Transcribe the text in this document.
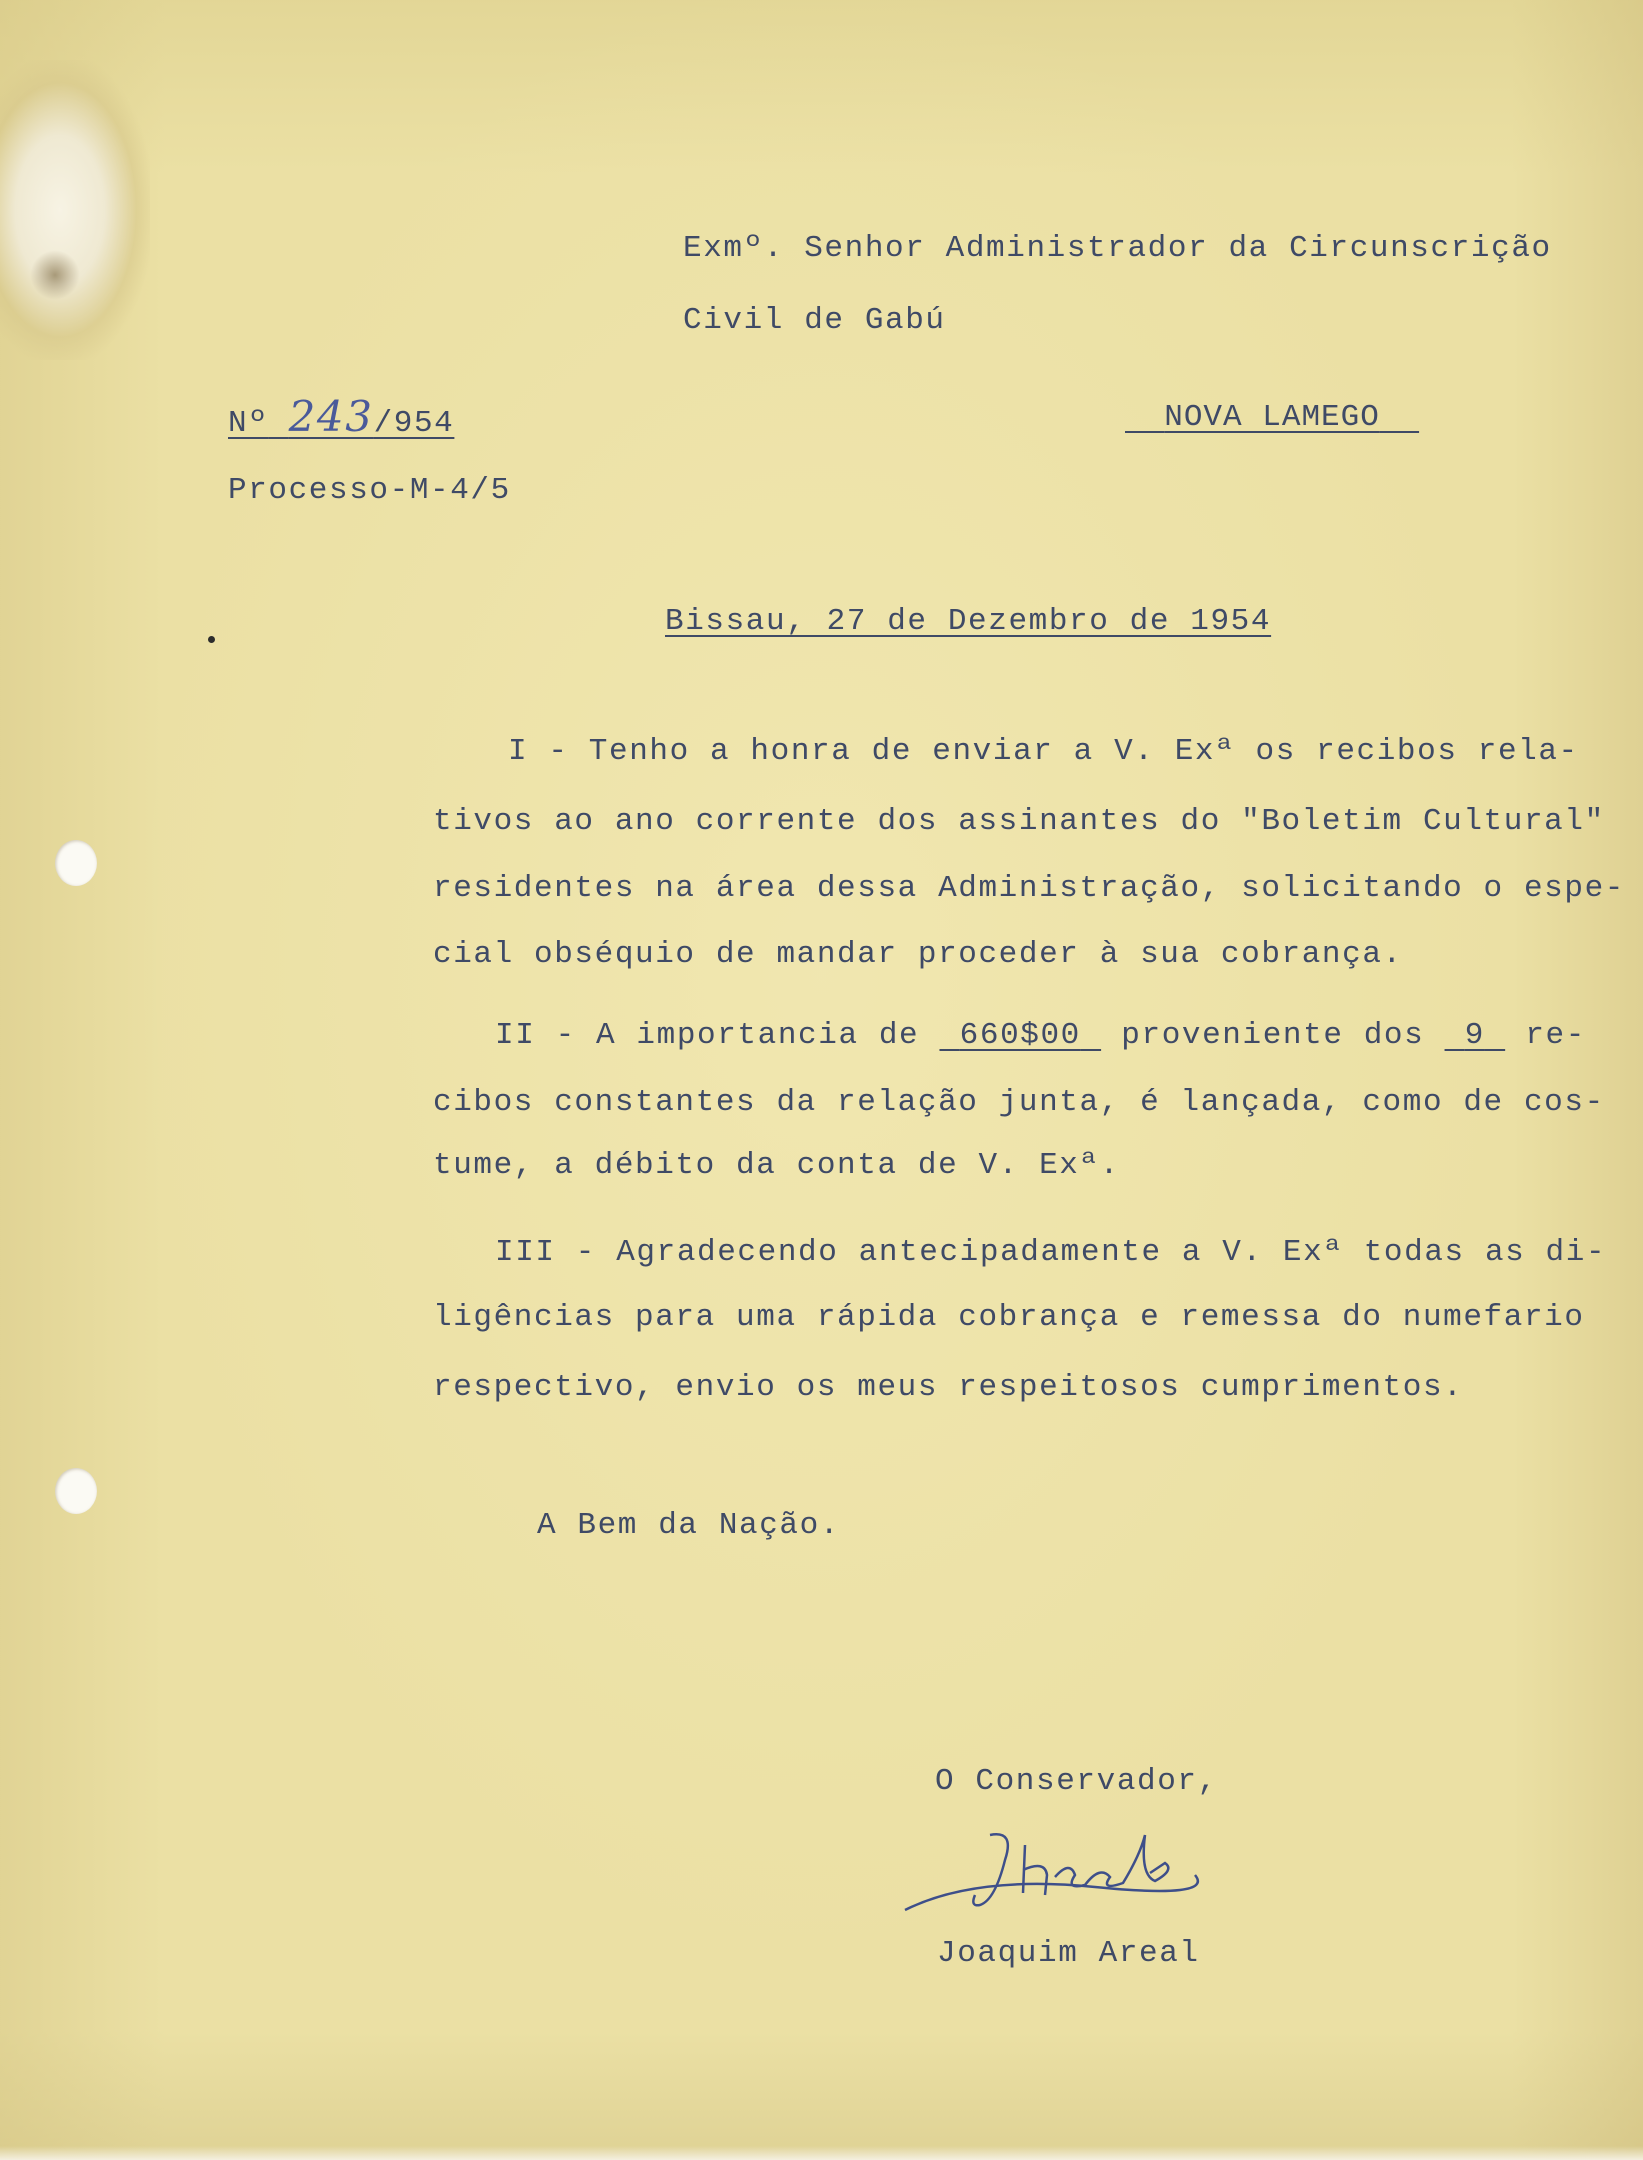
Exmº. Senhor Administrador da Circunscrição
Civil de Gabú
Nº 243/954
Processo-M-4/5
NOVA LAMEGO
Bissau, 27 de Dezembro de 1954
I - Tenho a honra de enviar a V. Exª os recibos rela-
tivos ao ano corrente dos assinantes do "Boletim Cultural"
residentes na área dessa Administração, solicitando o espe-
cial obséquio de mandar proceder à sua cobrança.
II - A importancia de  660$00  proveniente dos  9  re-
cibos constantes da relação junta, é lançada, como de cos-
tume, a débito da conta de V. Exª.
III - Agradecendo antecipadamente a V. Exª todas as di-
ligências para uma rápida cobrança e remessa do numefario
respectivo, envio os meus respeitosos cumprimentos.
A Bem da Nação.
O Conservador,
Joaquim Areal
